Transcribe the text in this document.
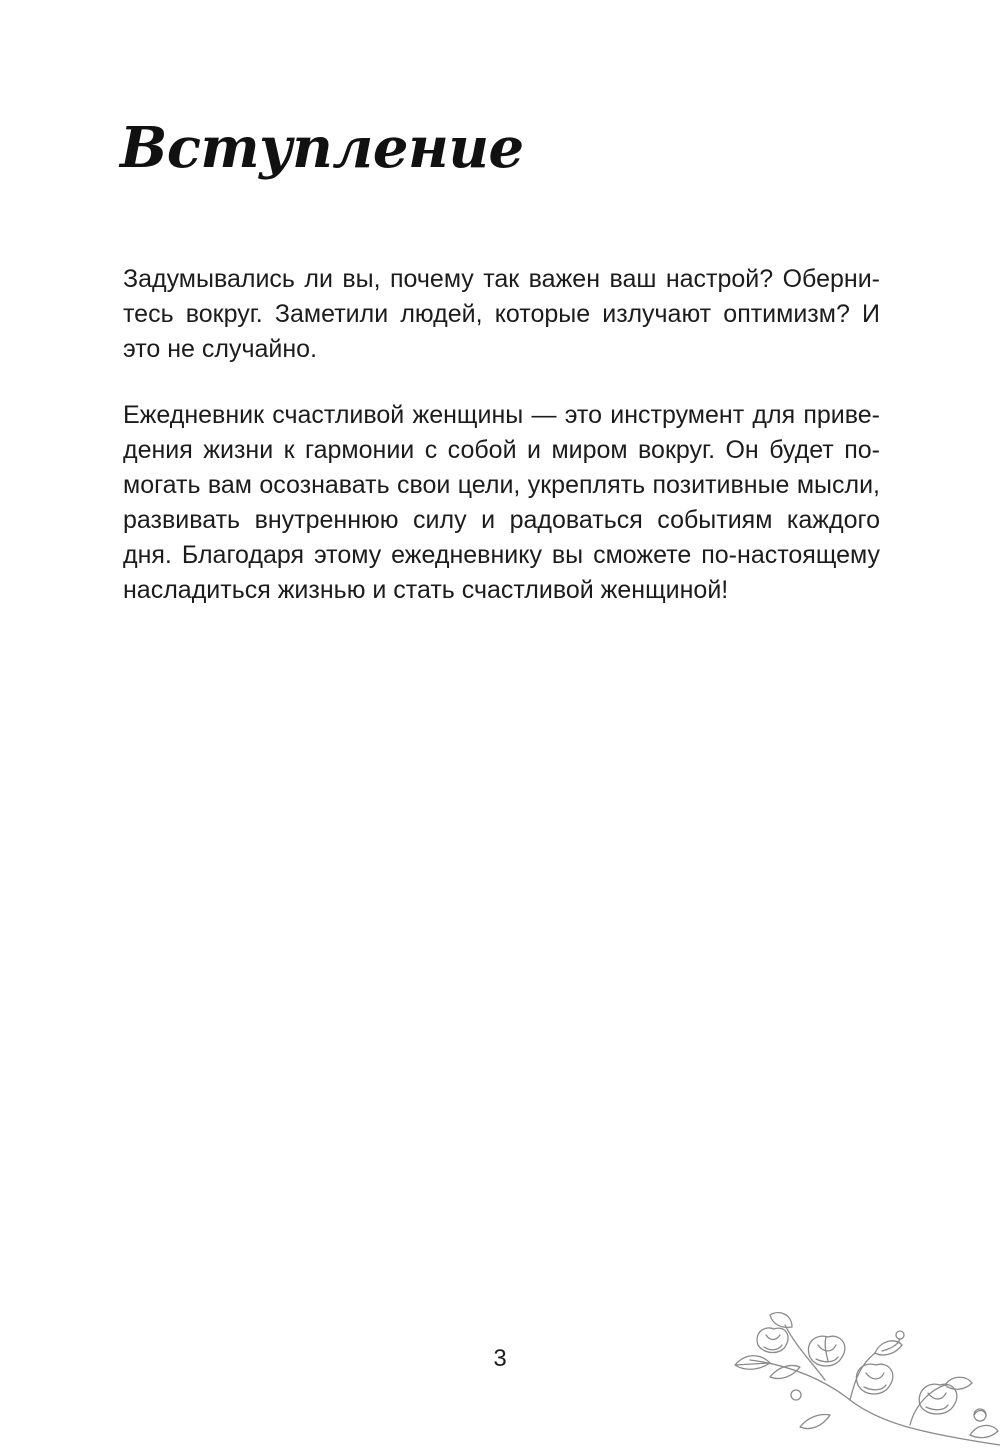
Вступление
Задумывались ли вы, почему так важен ваш настрой? Оберни-
тесь вокруг. Заметили людей, которые излучают оптимизм? И
это не случайно.
Ежедневник счастливой женщины — это инструмент для приве-
дения жизни к гармонии с собой и миром вокруг. Он будет по-
могать вам осознавать свои цели, укреплять позитивные мысли,
развивать внутреннюю силу и радоваться событиям каждого
дня. Благодаря этому ежедневнику вы сможете по-настоящему
насладиться жизнью и стать счастливой женщиной!
3
